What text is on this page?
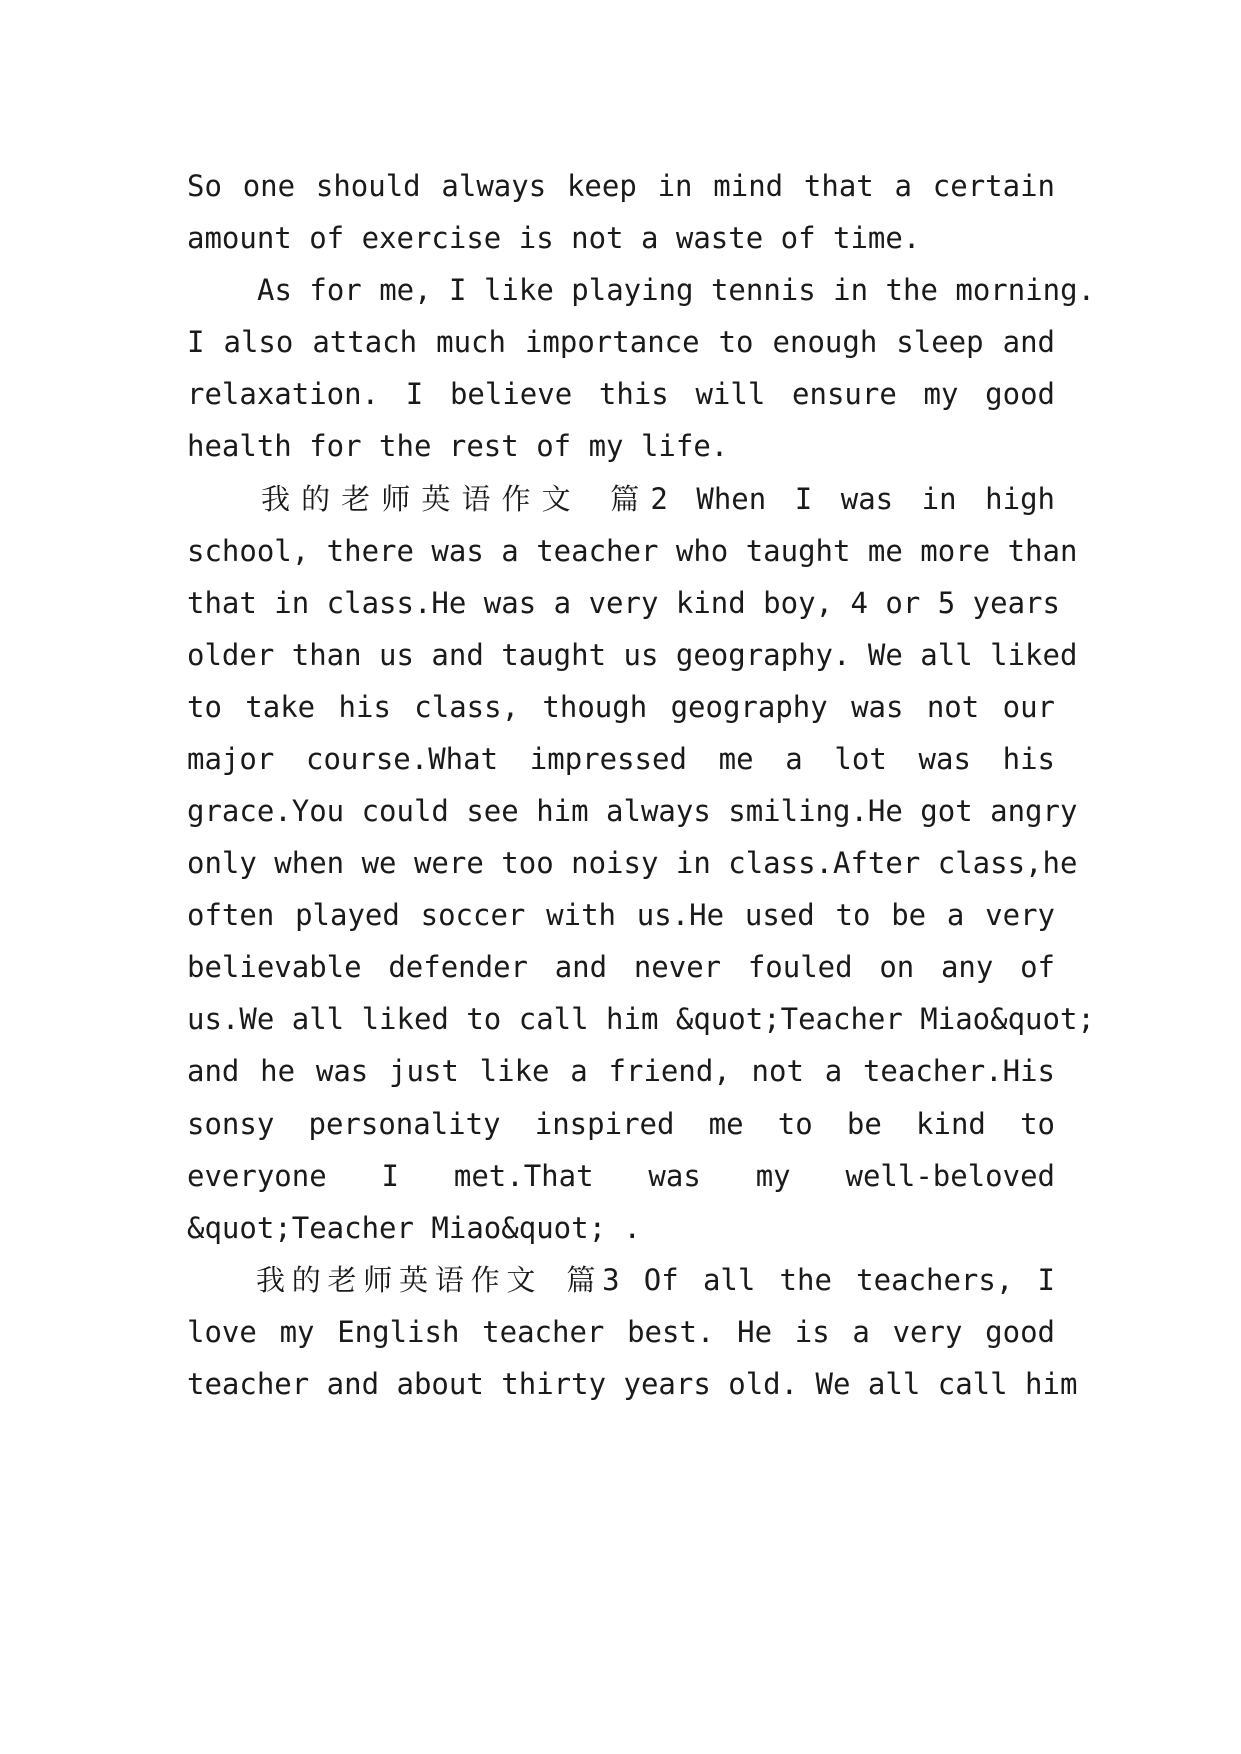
So one should always keep in mind that a certain
amount of exercise is not a waste of time.
As for me, I like playing tennis in the morning.
I also attach much importance to enough sleep and
relaxation. I believe this will ensure my good
health for the rest of my life.
我的老师英语作文 篇2 When I was in high
school, there was a teacher who taught me more than
that in class.He was a very kind boy, 4 or 5 years
older than us and taught us geography. We all liked
to take his class, though geography was not our
major course.What impressed me a lot was his
grace.You could see him always smiling.He got angry
only when we were too noisy in class.After class,he
often played soccer with us.He used to be a very
believable defender and never fouled on any of
us.We all liked to call him &quot;Teacher Miao&quot;
and he was just like a friend, not a teacher.His
sonsy personality inspired me to be kind to
everyone I met.That was my well-beloved
&quot;Teacher Miao&quot; .
我的老师英语作文 篇3 Of all the teachers, I
love my English teacher best. He is a very good
teacher and about thirty years old. We all call him
